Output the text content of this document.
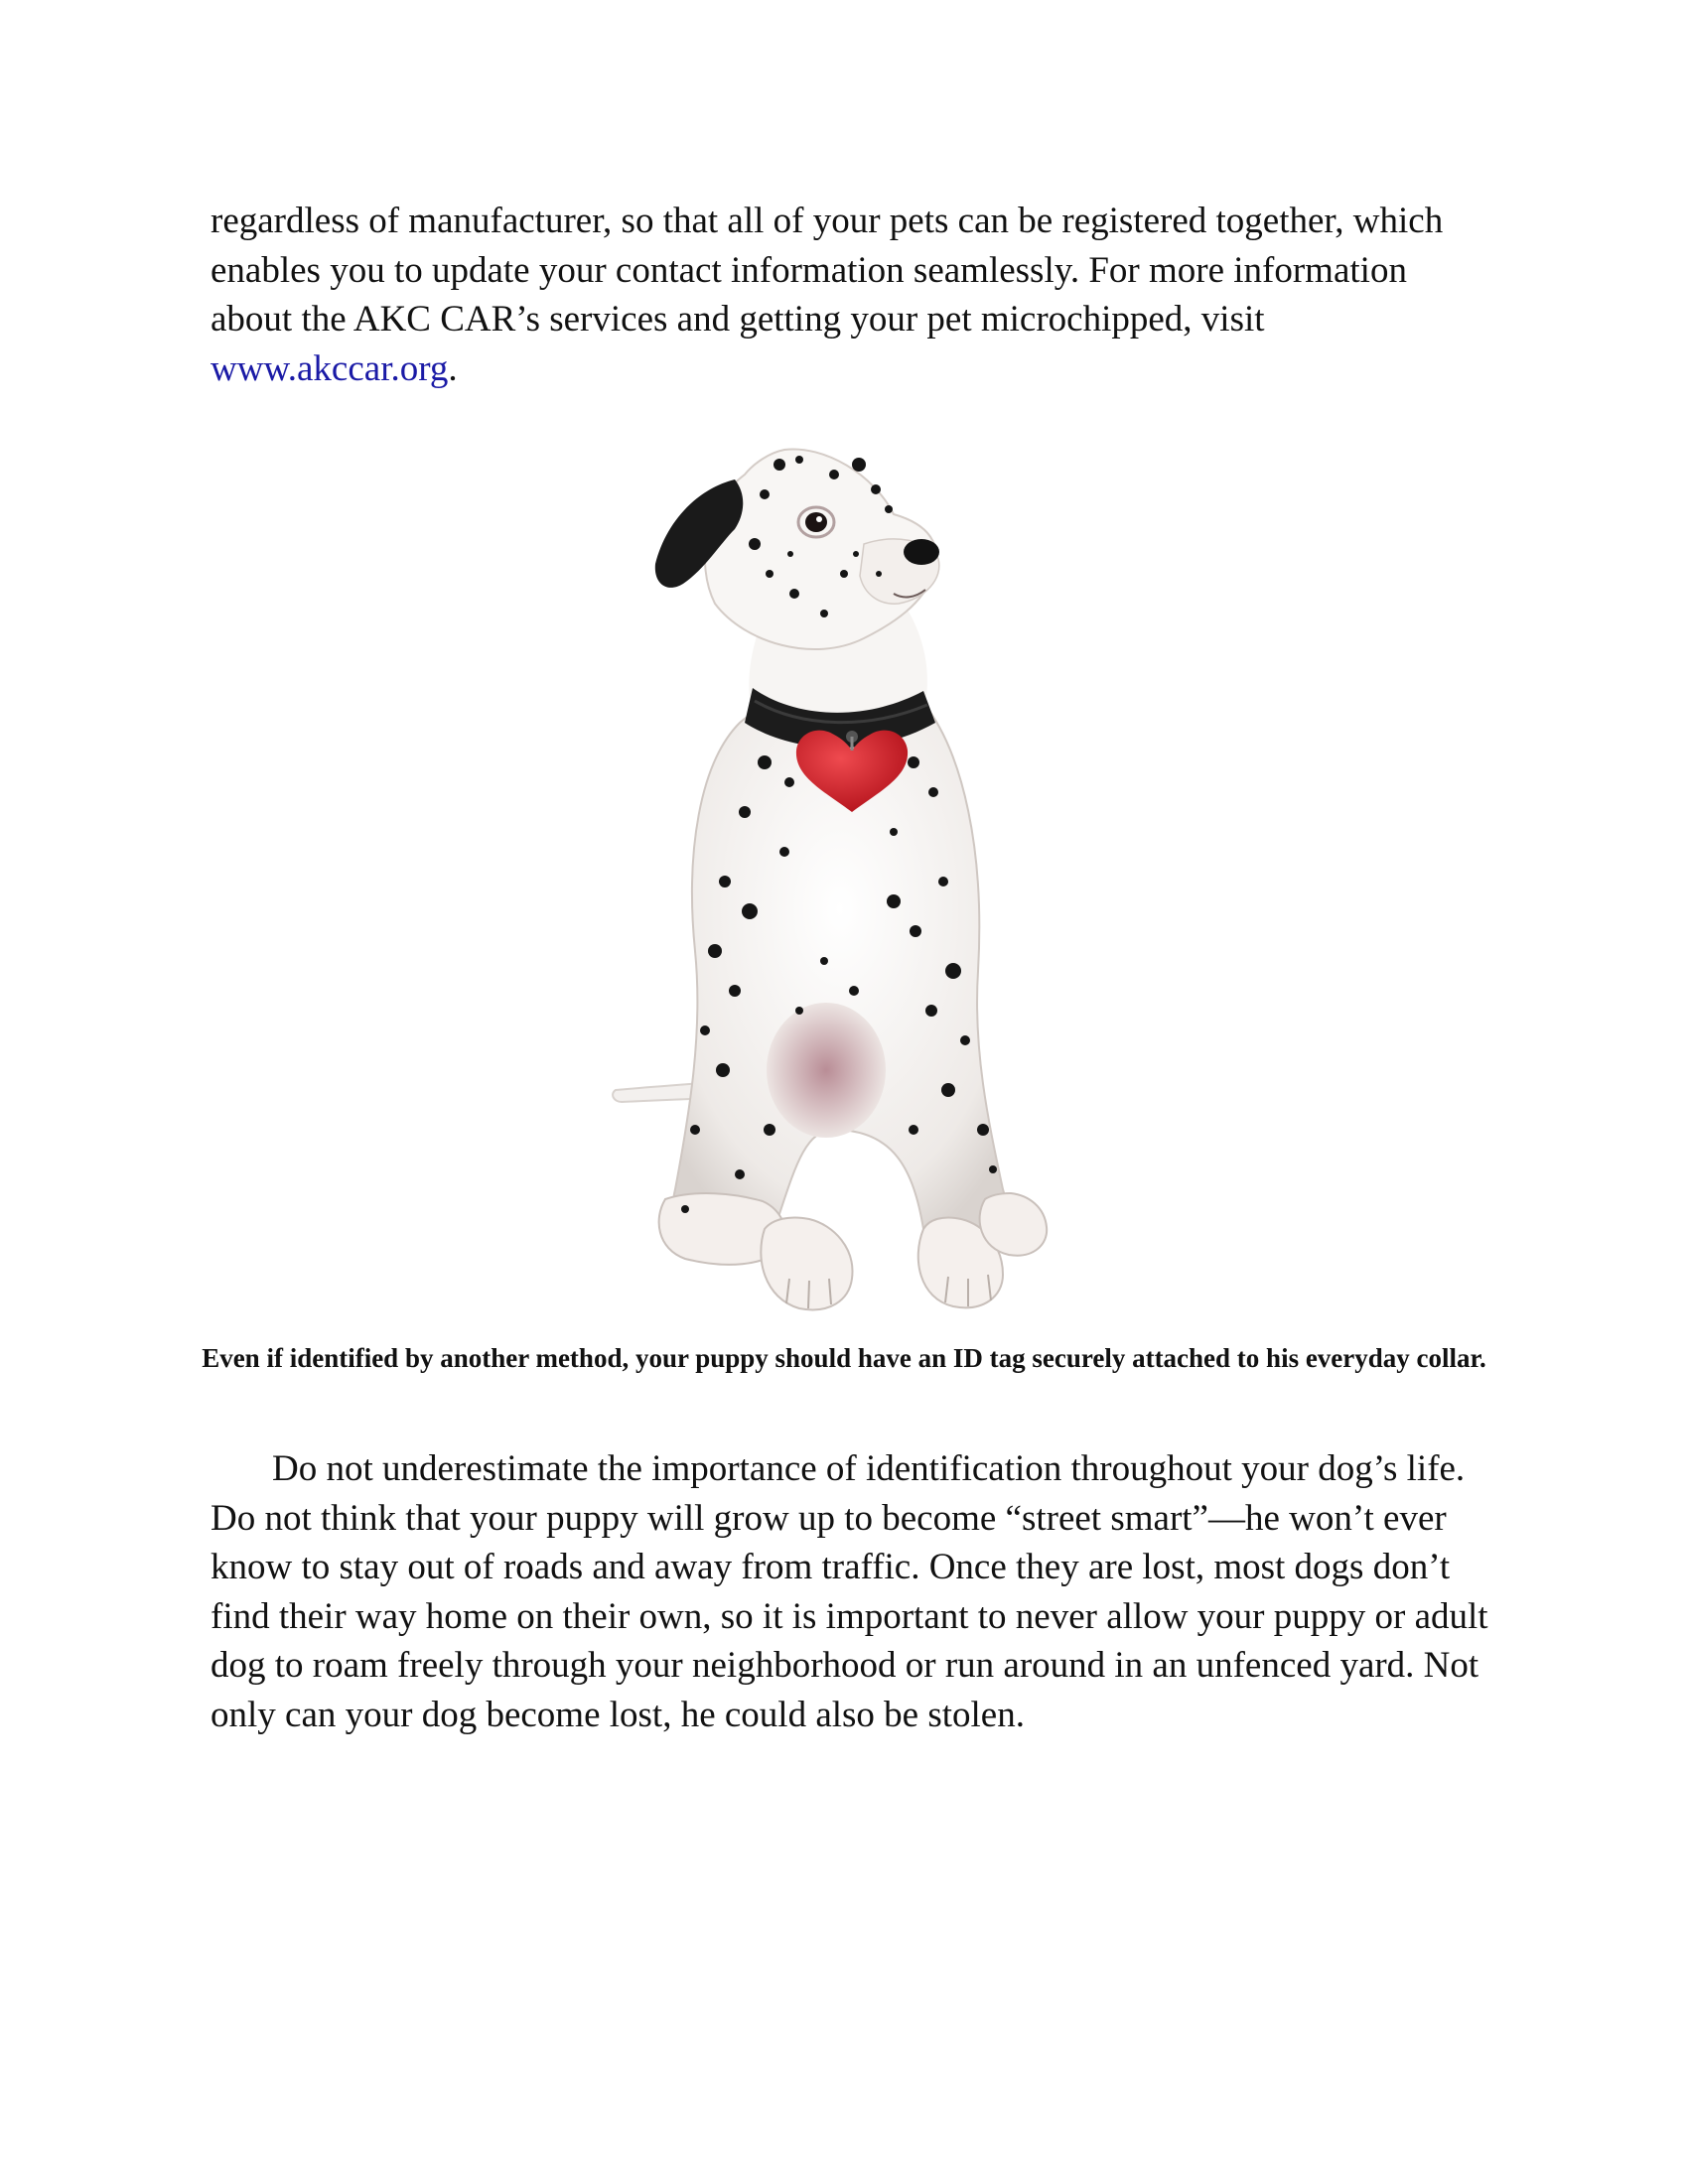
regardless of manufacturer, so that all of your pets can be registered together, which enables you to update your contact information seamlessly. For more information about the AKC CAR’s services and getting your pet microchipped, visit www.akccar.org.

Even if identified by another method, your puppy should have an ID tag securely attached to his everyday collar.

Do not underestimate the importance of identification throughout your dog’s life. Do not think that your puppy will grow up to become “street smart”—he won’t ever know to stay out of roads and away from traffic. Once they are lost, most dogs don’t find their way home on their own, so it is important to never allow your puppy or adult dog to roam freely through your neighborhood or run around in an unfenced yard. Not only can your dog become lost, he could also be stolen.
